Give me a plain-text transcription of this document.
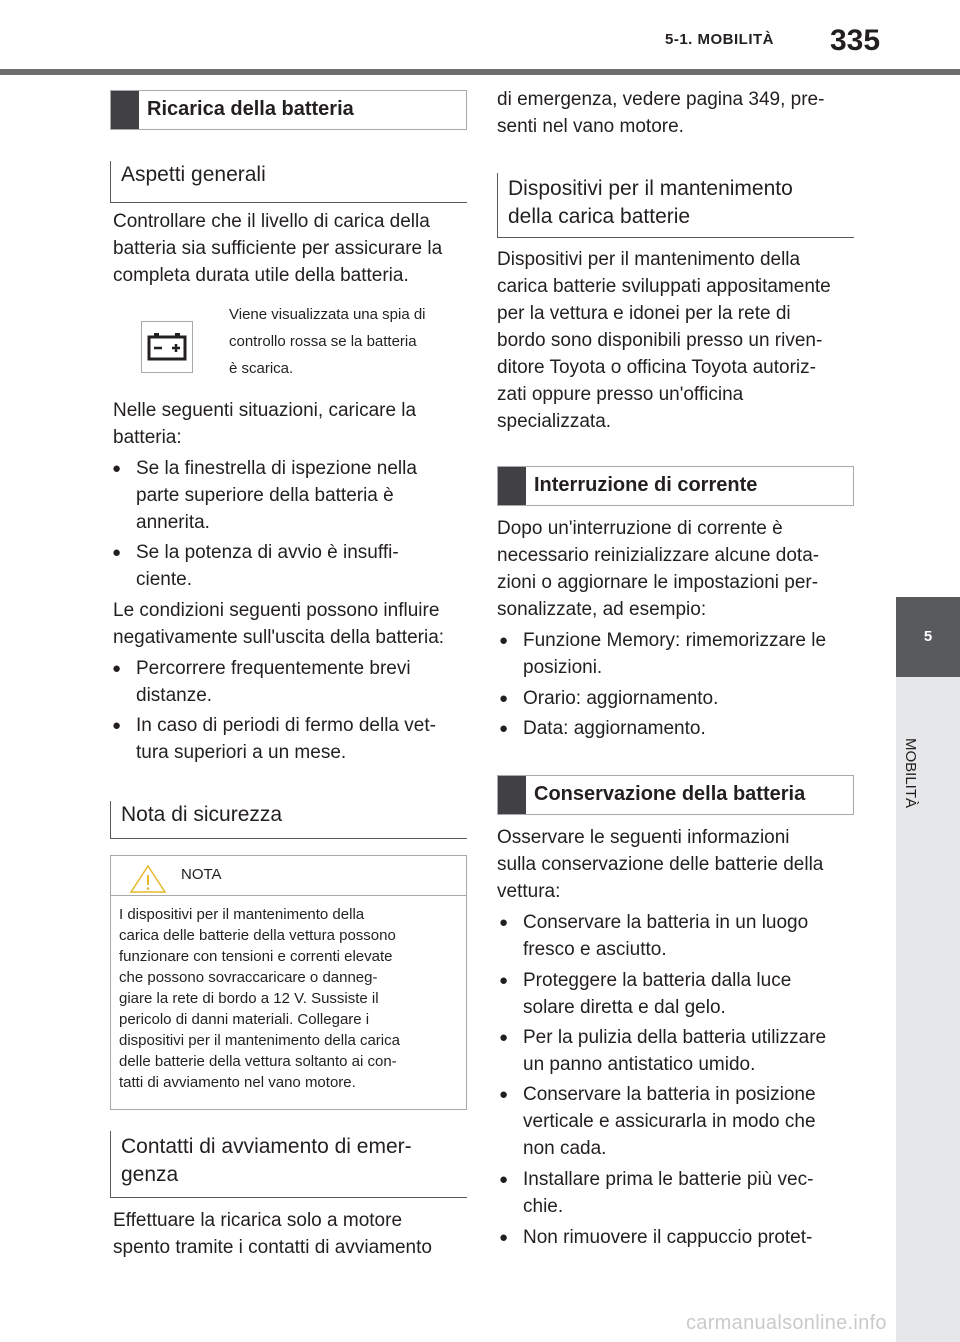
5-1. MOBILITÀ 335
5
MOBILITÀ
Ricarica della batteria
Aspetti generali
Controllare che il livello di carica della
batteria sia sufficiente per assicurare la
completa durata utile della batteria.
Viene visualizzata una spia di
controllo rossa se la batteria
è scarica.
Nelle seguenti situazioni, caricare la
batteria:
● Se la finestrella di ispezione nella
parte superiore della batteria è
annerita.
● Se la potenza di avvio è insuffi-
ciente.
Le condizioni seguenti possono influire
negativamente sull'uscita della batteria:
● Percorrere frequentemente brevi
distanze.
● In caso di periodi di fermo della vet-
tura superiori a un mese.
Nota di sicurezza
NOTA
I dispositivi per il mantenimento della
carica delle batterie della vettura possono
funzionare con tensioni e correnti elevate
che possono sovraccaricare o danneg-
giare la rete di bordo a 12 V. Sussiste il
pericolo di danni materiali. Collegare i
dispositivi per il mantenimento della carica
delle batterie della vettura soltanto ai con-
tatti di avviamento nel vano motore.
Contatti di avviamento di emer-
genza
Effettuare la ricarica solo a motore
spento tramite i contatti di avviamento
di emergenza, vedere pagina 349, pre-
senti nel vano motore.
Dispositivi per il mantenimento
della carica batterie
Dispositivi per il mantenimento della
carica batterie sviluppati appositamente
per la vettura e idonei per la rete di
bordo sono disponibili presso un riven-
ditore Toyota o officina Toyota autoriz-
zati oppure presso un'officina
specializzata.
Interruzione di corrente
Dopo un'interruzione di corrente è
necessario reinizializzare alcune dota-
zioni o aggiornare le impostazioni per-
sonalizzate, ad esempio:
● Funzione Memory: rimemorizzare le
posizioni.
● Orario: aggiornamento.
● Data: aggiornamento.
Conservazione della batteria
Osservare le seguenti informazioni
sulla conservazione delle batterie della
vettura:
● Conservare la batteria in un luogo
fresco e asciutto.
● Proteggere la batteria dalla luce
solare diretta e dal gelo.
● Per la pulizia della batteria utilizzare
un panno antistatico umido.
● Conservare la batteria in posizione
verticale e assicurarla in modo che
non cada.
● Installare prima le batterie più vec-
chie.
● Non rimuovere il cappuccio protet-
carmanualsonline.info
